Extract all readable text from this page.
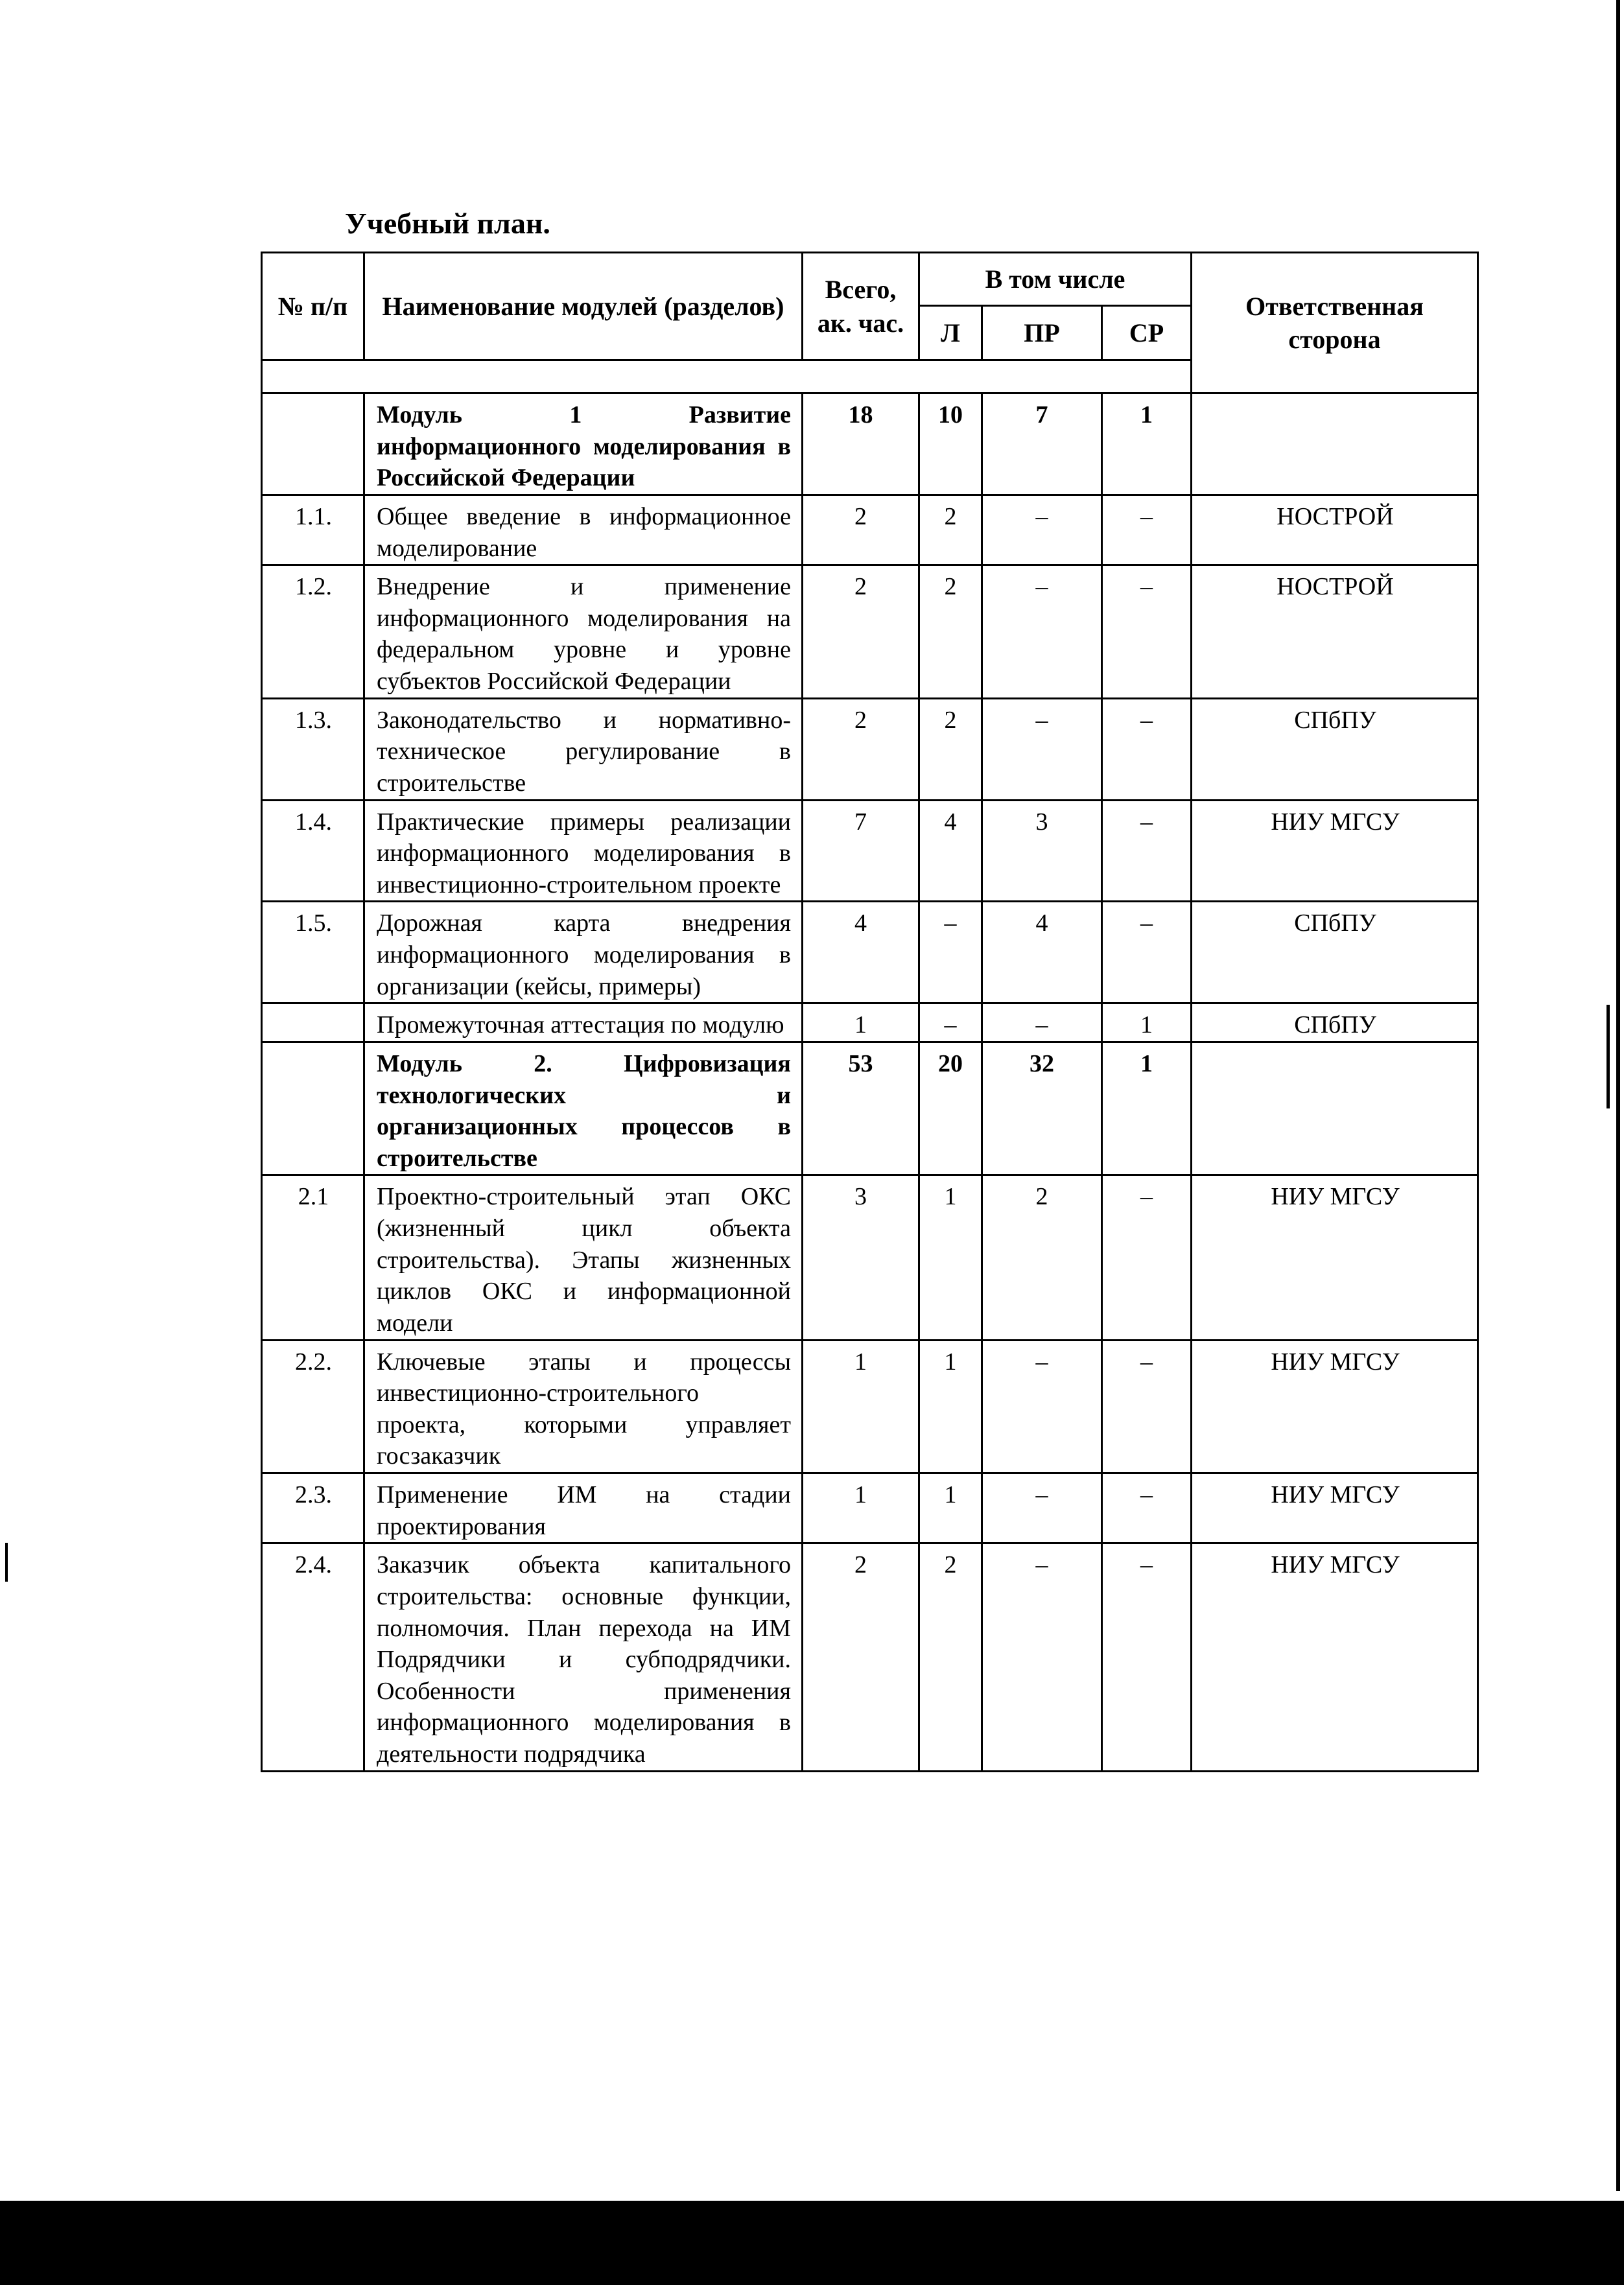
Учебный план.
№ п/п	Наименование модулей (разделов)	Всего, ак. час.	В том числе			Ответственная сторона
			Л	ПР	СР	

	Модуль 1 Развитие информационного моделирования в Российской Федерации	18	10	7	1	
1.1.	Общее введение в информационное моделирование	2	2	–	–	НОСТРОЙ
1.2.	Внедрение и применение информационного моделирования на федеральном уровне и уровне субъектов Российской Федерации	2	2	–	–	НОСТРОЙ
1.3.	Законодательство и нормативно-техническое регулирование в строительстве	2	2	–	–	СПбПУ
1.4.	Практические примеры реализации информационного моделирования в инвестиционно-строительном проекте	7	4	3	–	НИУ МГСУ
1.5.	Дорожная карта внедрения информационного моделирования в организации (кейсы, примеры)	4	–	4	–	СПбПУ
	Промежуточная аттестация по модулю	1	–	–	1	СПбПУ
	Модуль 2. Цифровизация технологических и организационных процессов в строительстве	53	20	32	1	
2.1	Проектно-строительный этап ОКС (жизненный цикл объекта строительства). Этапы жизненных циклов ОКС и информационной модели	3	1	2	–	НИУ МГСУ
2.2.	Ключевые этапы и процессы инвестиционно-строительного проекта, которыми управляет госзаказчик	1	1	–	–	НИУ МГСУ
2.3.	Применение ИМ на стадии проектирования	1	1	–	–	НИУ МГСУ
2.4.	Заказчик объекта капитального строительства: основные функции, полномочия. План перехода на ИМ Подрядчики и субподрядчики. Особенности применения информационного моделирования в деятельности подрядчика	2	2	–	–	НИУ МГСУ
